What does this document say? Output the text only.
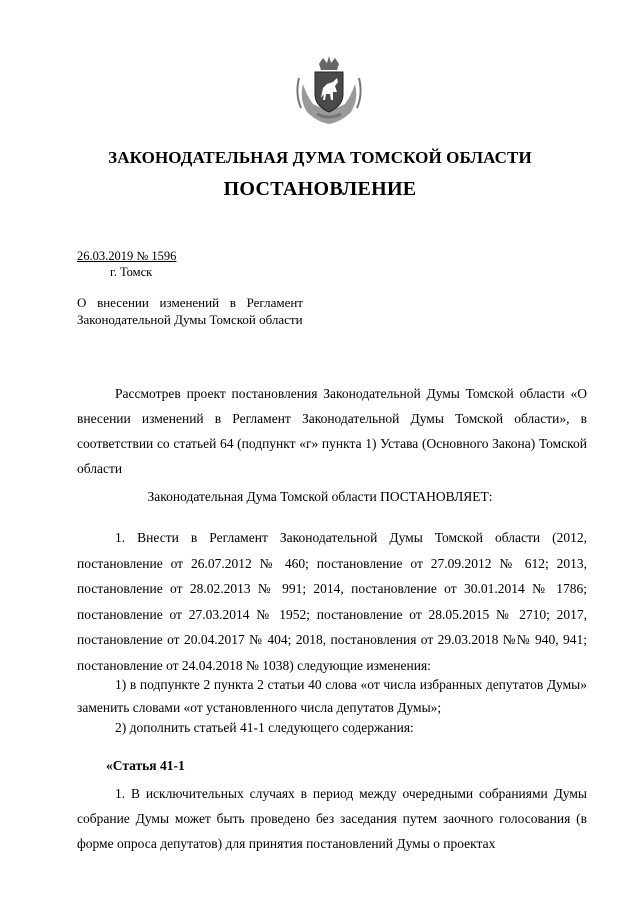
ЗАКОНОДАТЕЛЬНАЯ ДУМА ТОМСКОЙ ОБЛАСТИ
ПОСТАНОВЛЕНИЕ
26.03.2019 № 1596
г. Томск
О внесении изменений в Регламент Законодательной Думы Томской области

Рассмотрев проект постановления Законодательной Думы Томской области «О внесении изменений в Регламент Законодательной Думы Томской области», в соответствии со статьей 64 (подпункт «г» пункта 1) Устава (Основного Закона) Томской области

Законодательная Дума Томской области ПОСТАНОВЛЯЕТ:

1. Внести в Регламент Законодательной Думы Томской области (2012, постановление от 26.07.2012 № 460; постановление от 27.09.2012 № 612; 2013, постановление от 28.02.2013 № 991; 2014, постановление от 30.01.2014 № 1786; постановление от 27.03.2014 № 1952; постановление от 28.05.2015 № 2710; 2017, постановление от 20.04.2017 № 404; 2018, постановления от 29.03.2018 №№ 940, 941; постановление от 24.04.2018 № 1038) следующие изменения:

1) в подпункте 2 пункта 2 статьи 40 слова «от числа избранных депутатов Думы» заменить словами «от установленного числа депутатов Думы»;

2) дополнить статьей 41-1 следующего содержания:

«Статья 41-1

1. В исключительных случаях в период между очередными собраниями Думы собрание Думы может быть проведено без заседания путем заочного голосования (в форме опроса депутатов) для принятия постановлений Думы о проектах
